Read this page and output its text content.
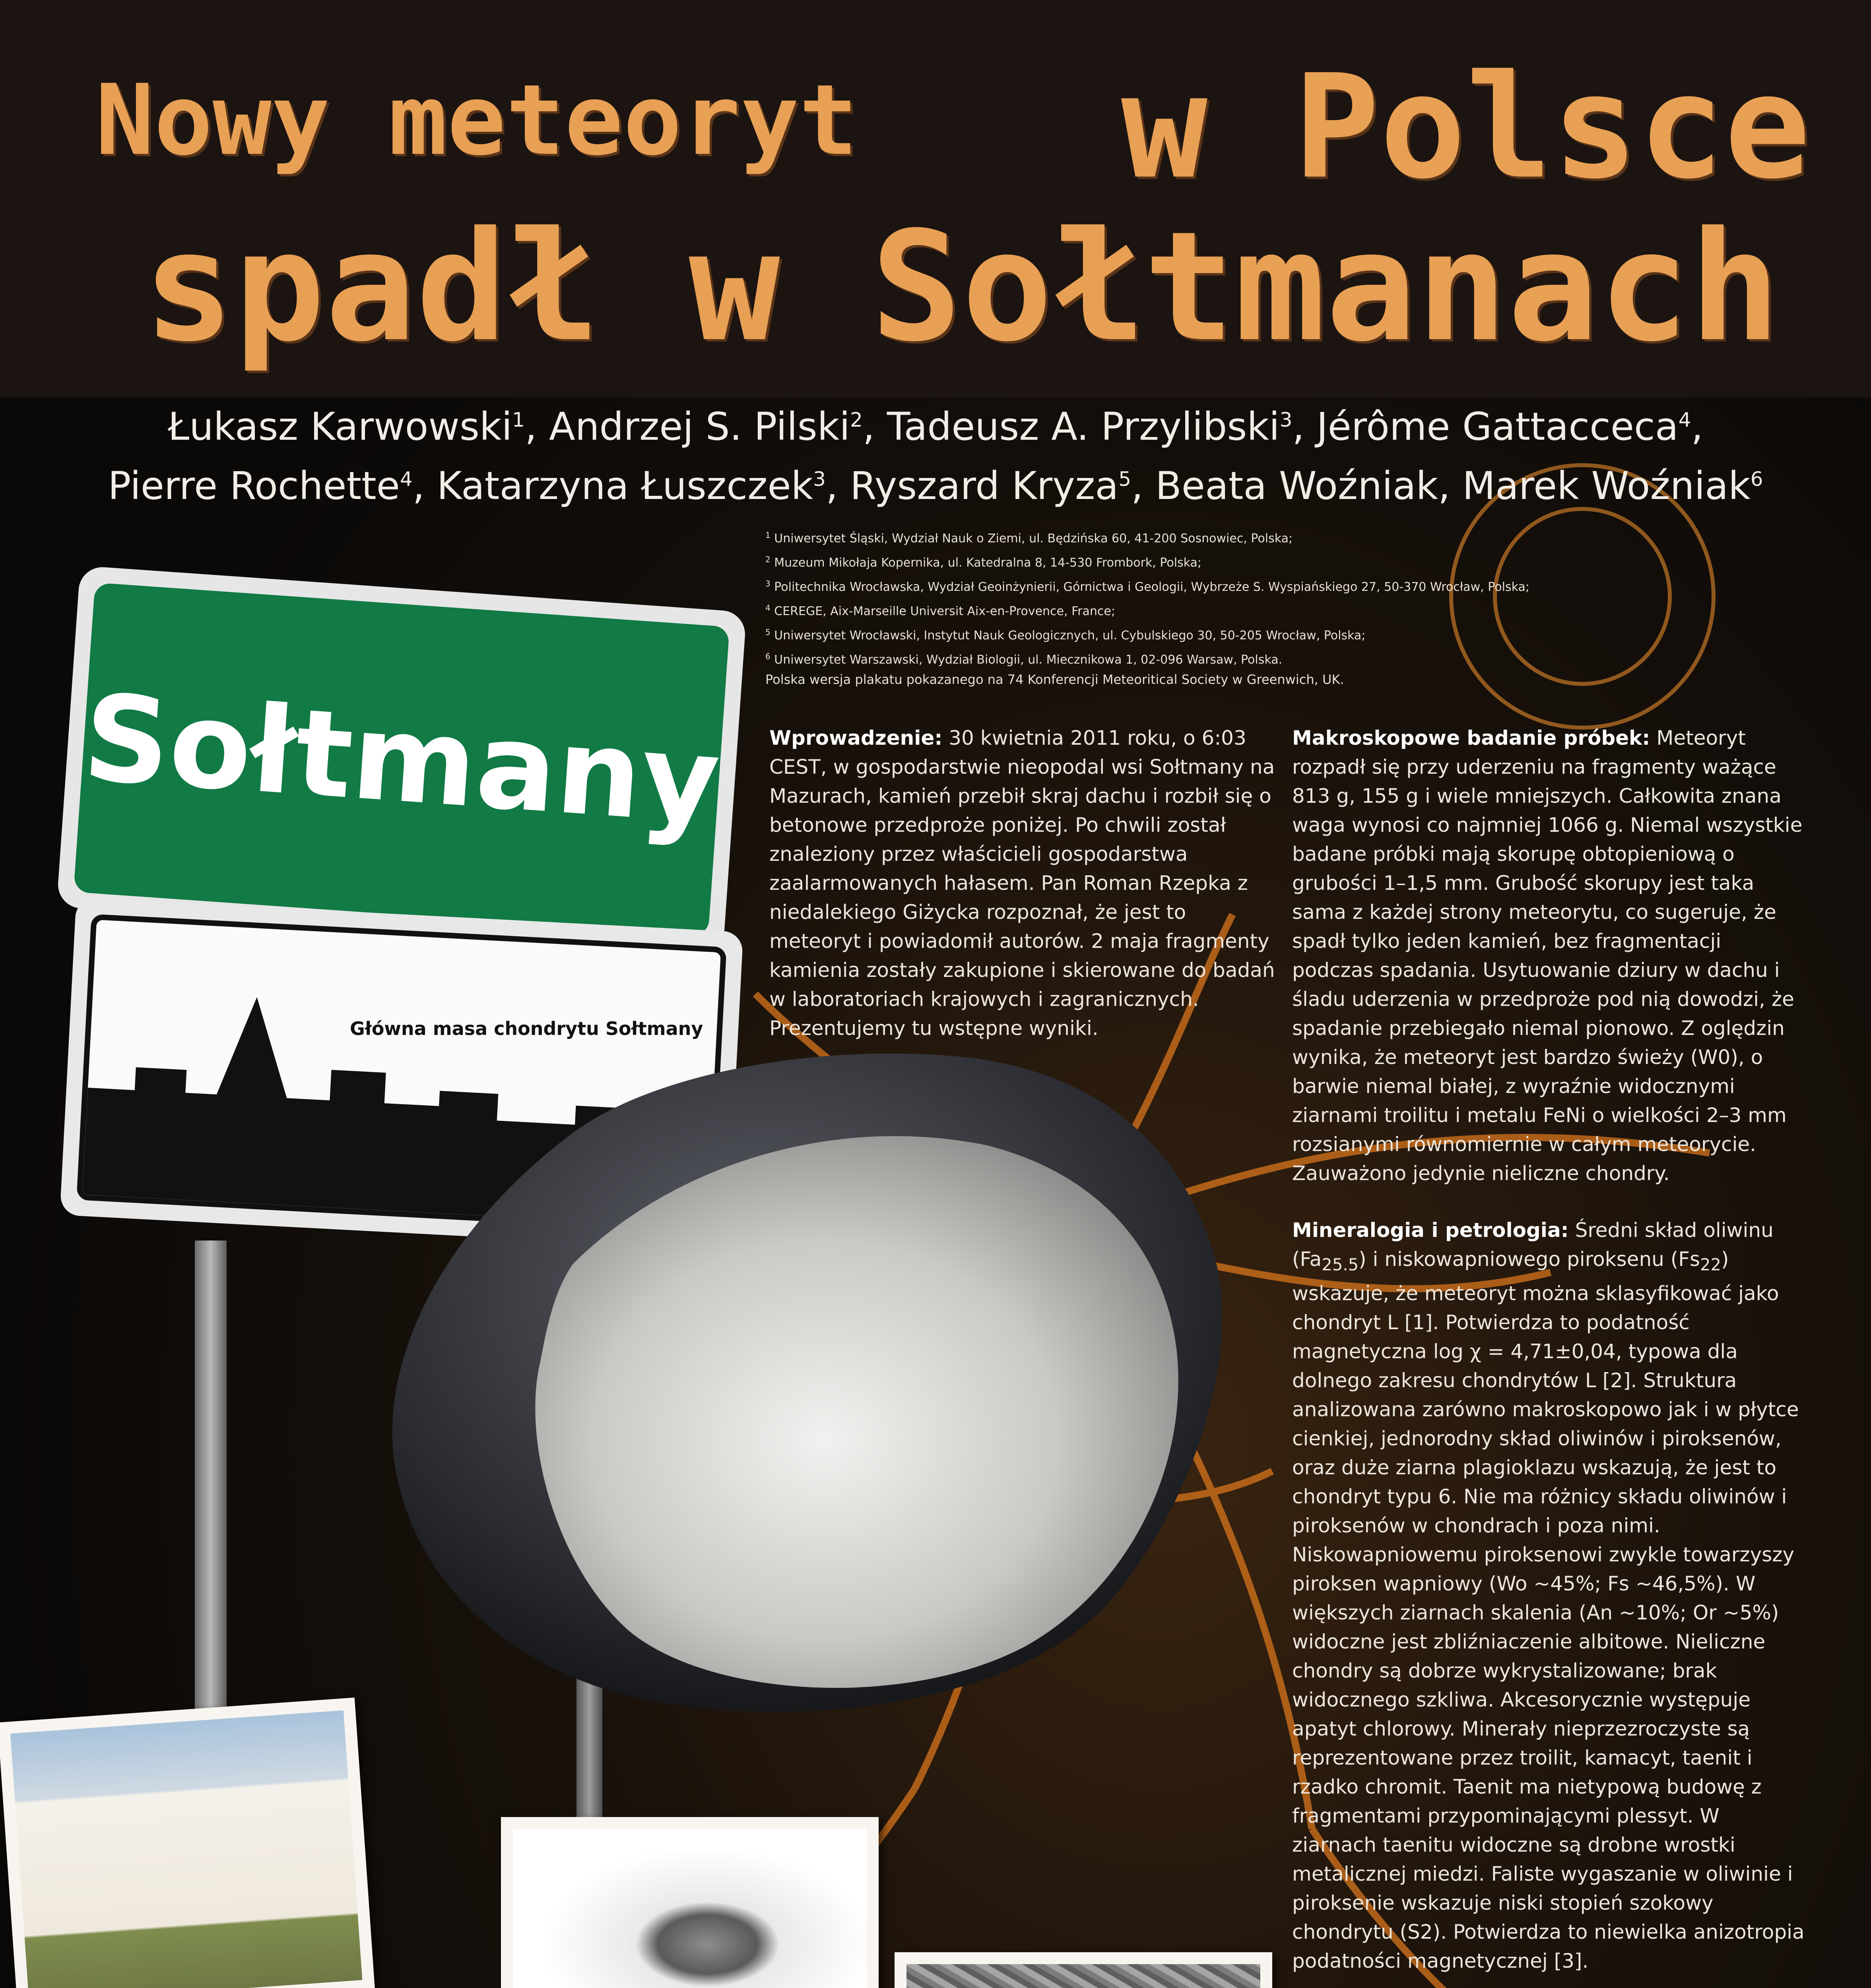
Nowy meteoryt w Polsce
spadł w Sołtmanach
Łukasz Karwowski$^1$, Andrzej S. Pilski$^2$, Tadeusz A. Przylibski$^3$, Jérôme Gattacceca$^4$,
Pierre Rochette$^4$, Katarzyna Łuszczek$^3$, Ryszard Kryza$^5$, Beata Woźniak, Marek Woźniak$^6$
$^1$ Uniwersytet Śląski, Wydział Nauk o Ziemi, ul. Będzińska 60, 41-200 Sosnowiec, Polska;
$^2$ Muzeum Mikołaja Kopernika, ul. Katedralna 8, 14-530 Frombork, Polska;
$^3$ Politechnika Wrocławska, Wydział Geoinżynierii, Górnictwa i Geologii, Wybrzeże S. Wyspiańskiego 27, 50-370 Wrocław, Polska;
$^4$ CEREGE, Aix-Marseille Universit Aix-en-Provence, France;
$^5$ Uniwersytet Wrocławski, Instytut Nauk Geologicznych, ul. Cybulskiego 30, 50-205 Wrocław, Polska;
$^6$ Uniwersytet Warszawski, Wydział Biologii, ul. Miecznikowa 1, 02-096 Warsaw, Polska.
Polska wersja plakatu pokazanego na 74 Konferencji Meteoritical Society w Greenwich, UK.
Sołtmany
Główna masa chondrytu Sołtmany

Wprowadzenie: 30 kwietnia 2011 roku, o 6:03 CEST, w gospodarstwie nieopodal wsi Sołtmany na Mazurach, kamień przebił skraj dachu i rozbił się o betonowe przedproże poniżej. Po chwili został znaleziony przez właścicieli gospodarstwa zaalarmowanych hałasem. Pan Roman Rzepka z niedalekiego Giżycka rozpoznał, że jest to meteoryt i powiadomił autorów. 2 maja fragmenty kamienia zostały zakupione i skierowane do badań w laboratoriach krajowych i zagranicznych. Prezentujemy tu wstępne wyniki.

Makroskopowe badanie próbek: Meteoryt rozpadł się przy uderzeniu na fragmenty ważące 813 g, 155 g i wiele mniejszych. Całkowita znana waga wynosi co najmniej 1066 g. Niemal wszystkie badane próbki mają skorupę obtopieniową o grubości 1–1,5 mm. Grubość skorupy jest taka sama z każdej strony meteorytu, co sugeruje, że spadł tylko jeden kamień, bez fragmentacji podczas spadania. Usytuowanie dziury w dachu i śladu uderzenia w przedproże pod nią dowodzi, że spadanie przebiegało niemal pionowo. Z oględzin wynika, że meteoryt jest bardzo świeży (W0), o barwie niemal białej, z wyraźnie widocznymi ziarnami troilitu i metalu FeNi o wielkości 2–3 mm rozsianymi równomiernie w całym meteorycie. Zauważono jedynie nieliczne chondry.

Mineralogia i petrologia: Średni skład oliwinu $(Fa_{25.5})$ i niskowapniowego piroksenu $(Fs_{22})$ wskazuje, że meteoryt można sklasyfikować jako chondryt L [1]. Potwierdza to podatność magnetyczna log χ = 4,71±0,04, typowa dla dolnego zakresu chondrytów L [2]. Struktura analizowana zarówno makroskopowo jak i w płytce cienkiej, jednorodny skład oliwinów i piroksenów, oraz duże ziarna plagioklazu wskazują, że jest to chondryt typu 6. Nie ma różnicy składu oliwinów i piroksenów w chondrach i poza nimi. Niskowapniowemu piroksenowi zwykle towarzyszy piroksen wapniowy (Wo ~45%; Fs ~46,5%). W większych ziarnach skalenia (An ~10%; Or ~5%) widoczne jest zbliźniaczenie albitowe. Nieliczne chondry są dobrze wykrystalizowane; brak widocznego szkliwa. Akcesorycznie występuje apatyt chlorowy. Minerały nieprzezroczyste są reprezentowane przez troilit, kamacyt, taenit i rzadko chromit. Taenit ma nietypową budowę z fragmentami przypominającymi plessyt. W ziarnach taenitu widoczne są drobne wrostki metalicznej miedzi. Faliste wygaszanie w oliwinie i piroksenie wskazuje niski stopień szokowy chondrytu (S2). Potwierdza to niewielka anizotropia podatności magnetycznej [3].
